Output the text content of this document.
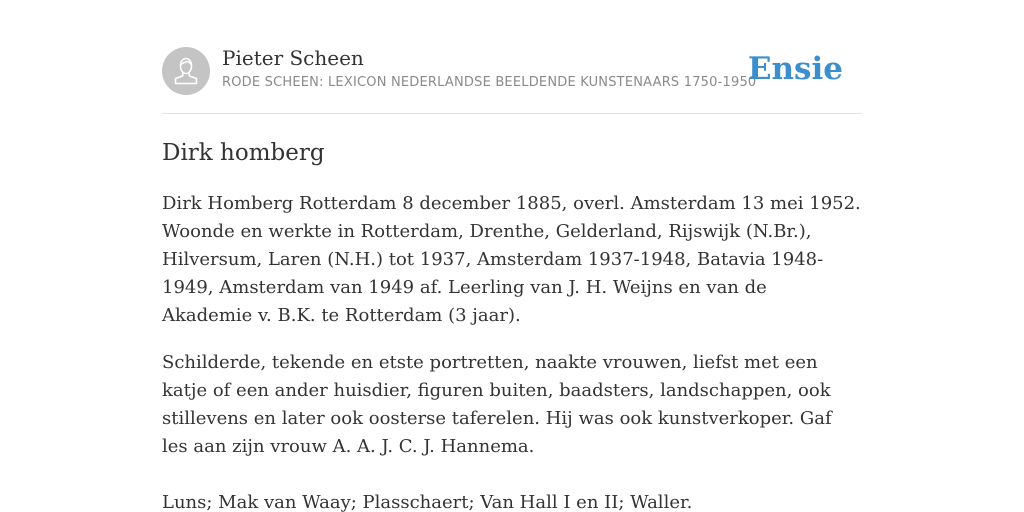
Pieter Scheen
RODE SCHEEN: LEXICON NEDERLANDSE BEELDENDE KUNSTENAARS 1750-1950
Ensie
Dirk homberg

Dirk Homberg Rotterdam 8 december 1885, overl. Amsterdam 13 mei 1952. Woonde en werkte in Rotterdam, Drenthe, Gelderland, Rijswijk (N.Br.), Hilversum, Laren (N.H.) tot 1937, Amsterdam 1937-1948, Batavia 1948-1949, Amsterdam van 1949 af. Leerling van J. H. Weijns en van de Akademie v. B.K. te Rotterdam (3 jaar).

Schilderde, tekende en etste portretten, naakte vrouwen, liefst met een katje of een ander huisdier, figuren buiten, baadsters, landschappen, ook stillevens en later ook oosterse taferelen. Hij was ook kunstverkoper. Gaf les aan zijn vrouw A. A. J. C. J. Hannema.

Luns; Mak van Waay; Plasschaert; Van Hall I en II; Waller.
